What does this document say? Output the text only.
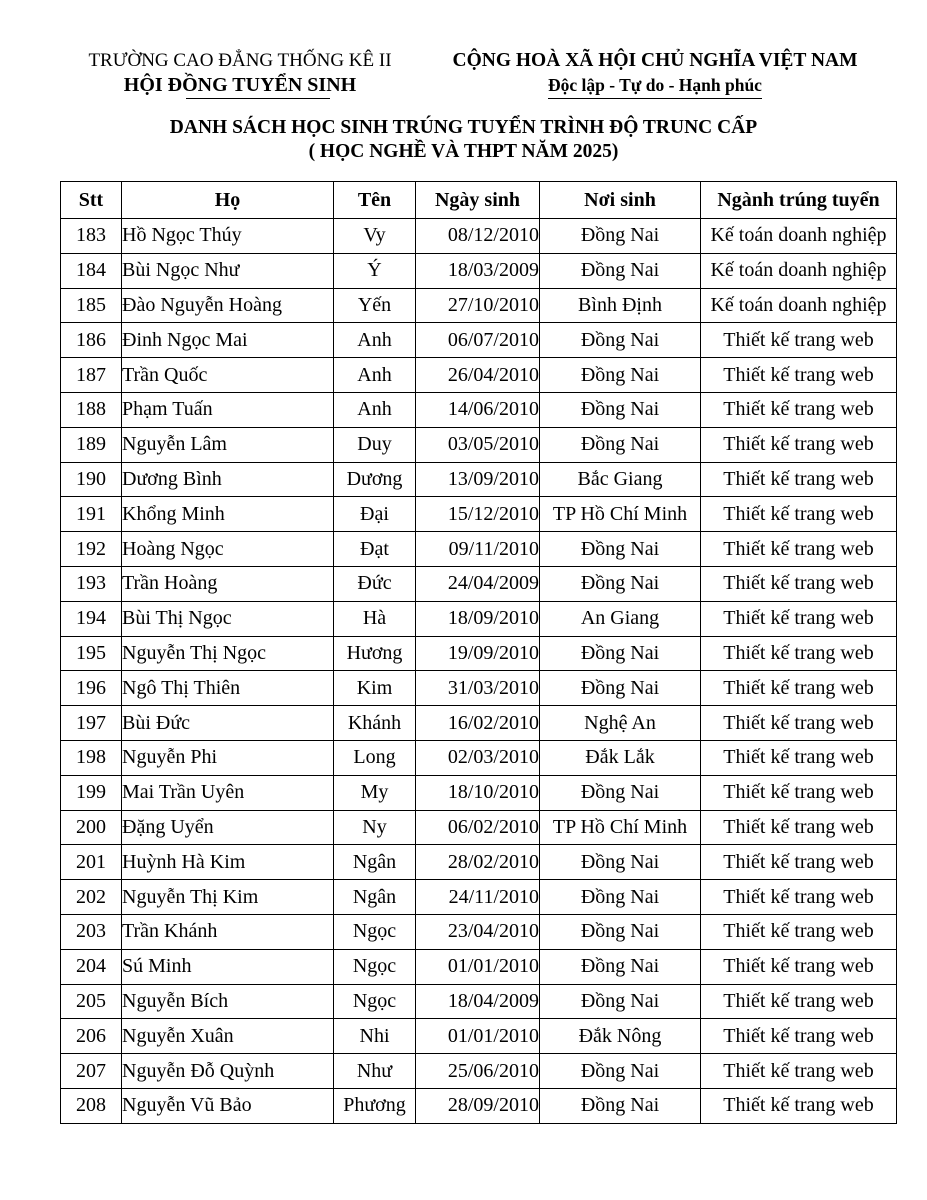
TRƯỜNG CAO ĐẲNG THỐNG KÊ II
HỘI ĐỒNG TUYỂN SINH
CỘNG HOÀ XÃ HỘI CHỦ NGHĨA VIỆT NAM
Độc lập - Tự do - Hạnh phúc
DANH SÁCH HỌC SINH TRÚNG TUYỂN TRÌNH ĐỘ TRUNC CẤP
( HỌC NGHỀ VÀ THPT NĂM 2025)
Stt	Họ	Tên	Ngày sinh	Nơi sinh	Ngành trúng tuyển
183	Hồ Ngọc Thúy	Vy	08/12/2010	Đồng Nai	Kế toán doanh nghiệp
184	Bùi Ngọc Như	Ý	18/03/2009	Đồng Nai	Kế toán doanh nghiệp
185	Đào Nguyễn Hoàng	Yến	27/10/2010	Bình Định	Kế toán doanh nghiệp
186	Đinh Ngọc Mai	Anh	06/07/2010	Đồng Nai	Thiết kế trang web
187	Trần Quốc	Anh	26/04/2010	Đồng Nai	Thiết kế trang web
188	Phạm Tuấn	Anh	14/06/2010	Đồng Nai	Thiết kế trang web
189	Nguyễn Lâm	Duy	03/05/2010	Đồng Nai	Thiết kế trang web
190	Dương Bình	Dương	13/09/2010	Bắc Giang	Thiết kế trang web
191	Khổng Minh	Đại	15/12/2010	TP Hồ Chí Minh	Thiết kế trang web
192	Hoàng Ngọc	Đạt	09/11/2010	Đồng Nai	Thiết kế trang web
193	Trần Hoàng	Đức	24/04/2009	Đồng Nai	Thiết kế trang web
194	Bùi Thị Ngọc	Hà	18/09/2010	An Giang	Thiết kế trang web
195	Nguyễn Thị Ngọc	Hương	19/09/2010	Đồng Nai	Thiết kế trang web
196	Ngô Thị Thiên	Kim	31/03/2010	Đồng Nai	Thiết kế trang web
197	Bùi Đức	Khánh	16/02/2010	Nghệ An	Thiết kế trang web
198	Nguyễn Phi	Long	02/03/2010	Đắk Lắk	Thiết kế trang web
199	Mai Trần Uyên	My	18/10/2010	Đồng Nai	Thiết kế trang web
200	Đặng Uyển	Ny	06/02/2010	TP Hồ Chí Minh	Thiết kế trang web
201	Huỳnh Hà Kim	Ngân	28/02/2010	Đồng Nai	Thiết kế trang web
202	Nguyễn Thị Kim	Ngân	24/11/2010	Đồng Nai	Thiết kế trang web
203	Trần Khánh	Ngọc	23/04/2010	Đồng Nai	Thiết kế trang web
204	Sú Minh	Ngọc	01/01/2010	Đồng Nai	Thiết kế trang web
205	Nguyễn Bích	Ngọc	18/04/2009	Đồng Nai	Thiết kế trang web
206	Nguyễn Xuân	Nhi	01/01/2010	Đắk Nông	Thiết kế trang web
207	Nguyễn Đỗ Quỳnh	Như	25/06/2010	Đồng Nai	Thiết kế trang web
208	Nguyễn Vũ Bảo	Phương	28/09/2010	Đồng Nai	Thiết kế trang web
